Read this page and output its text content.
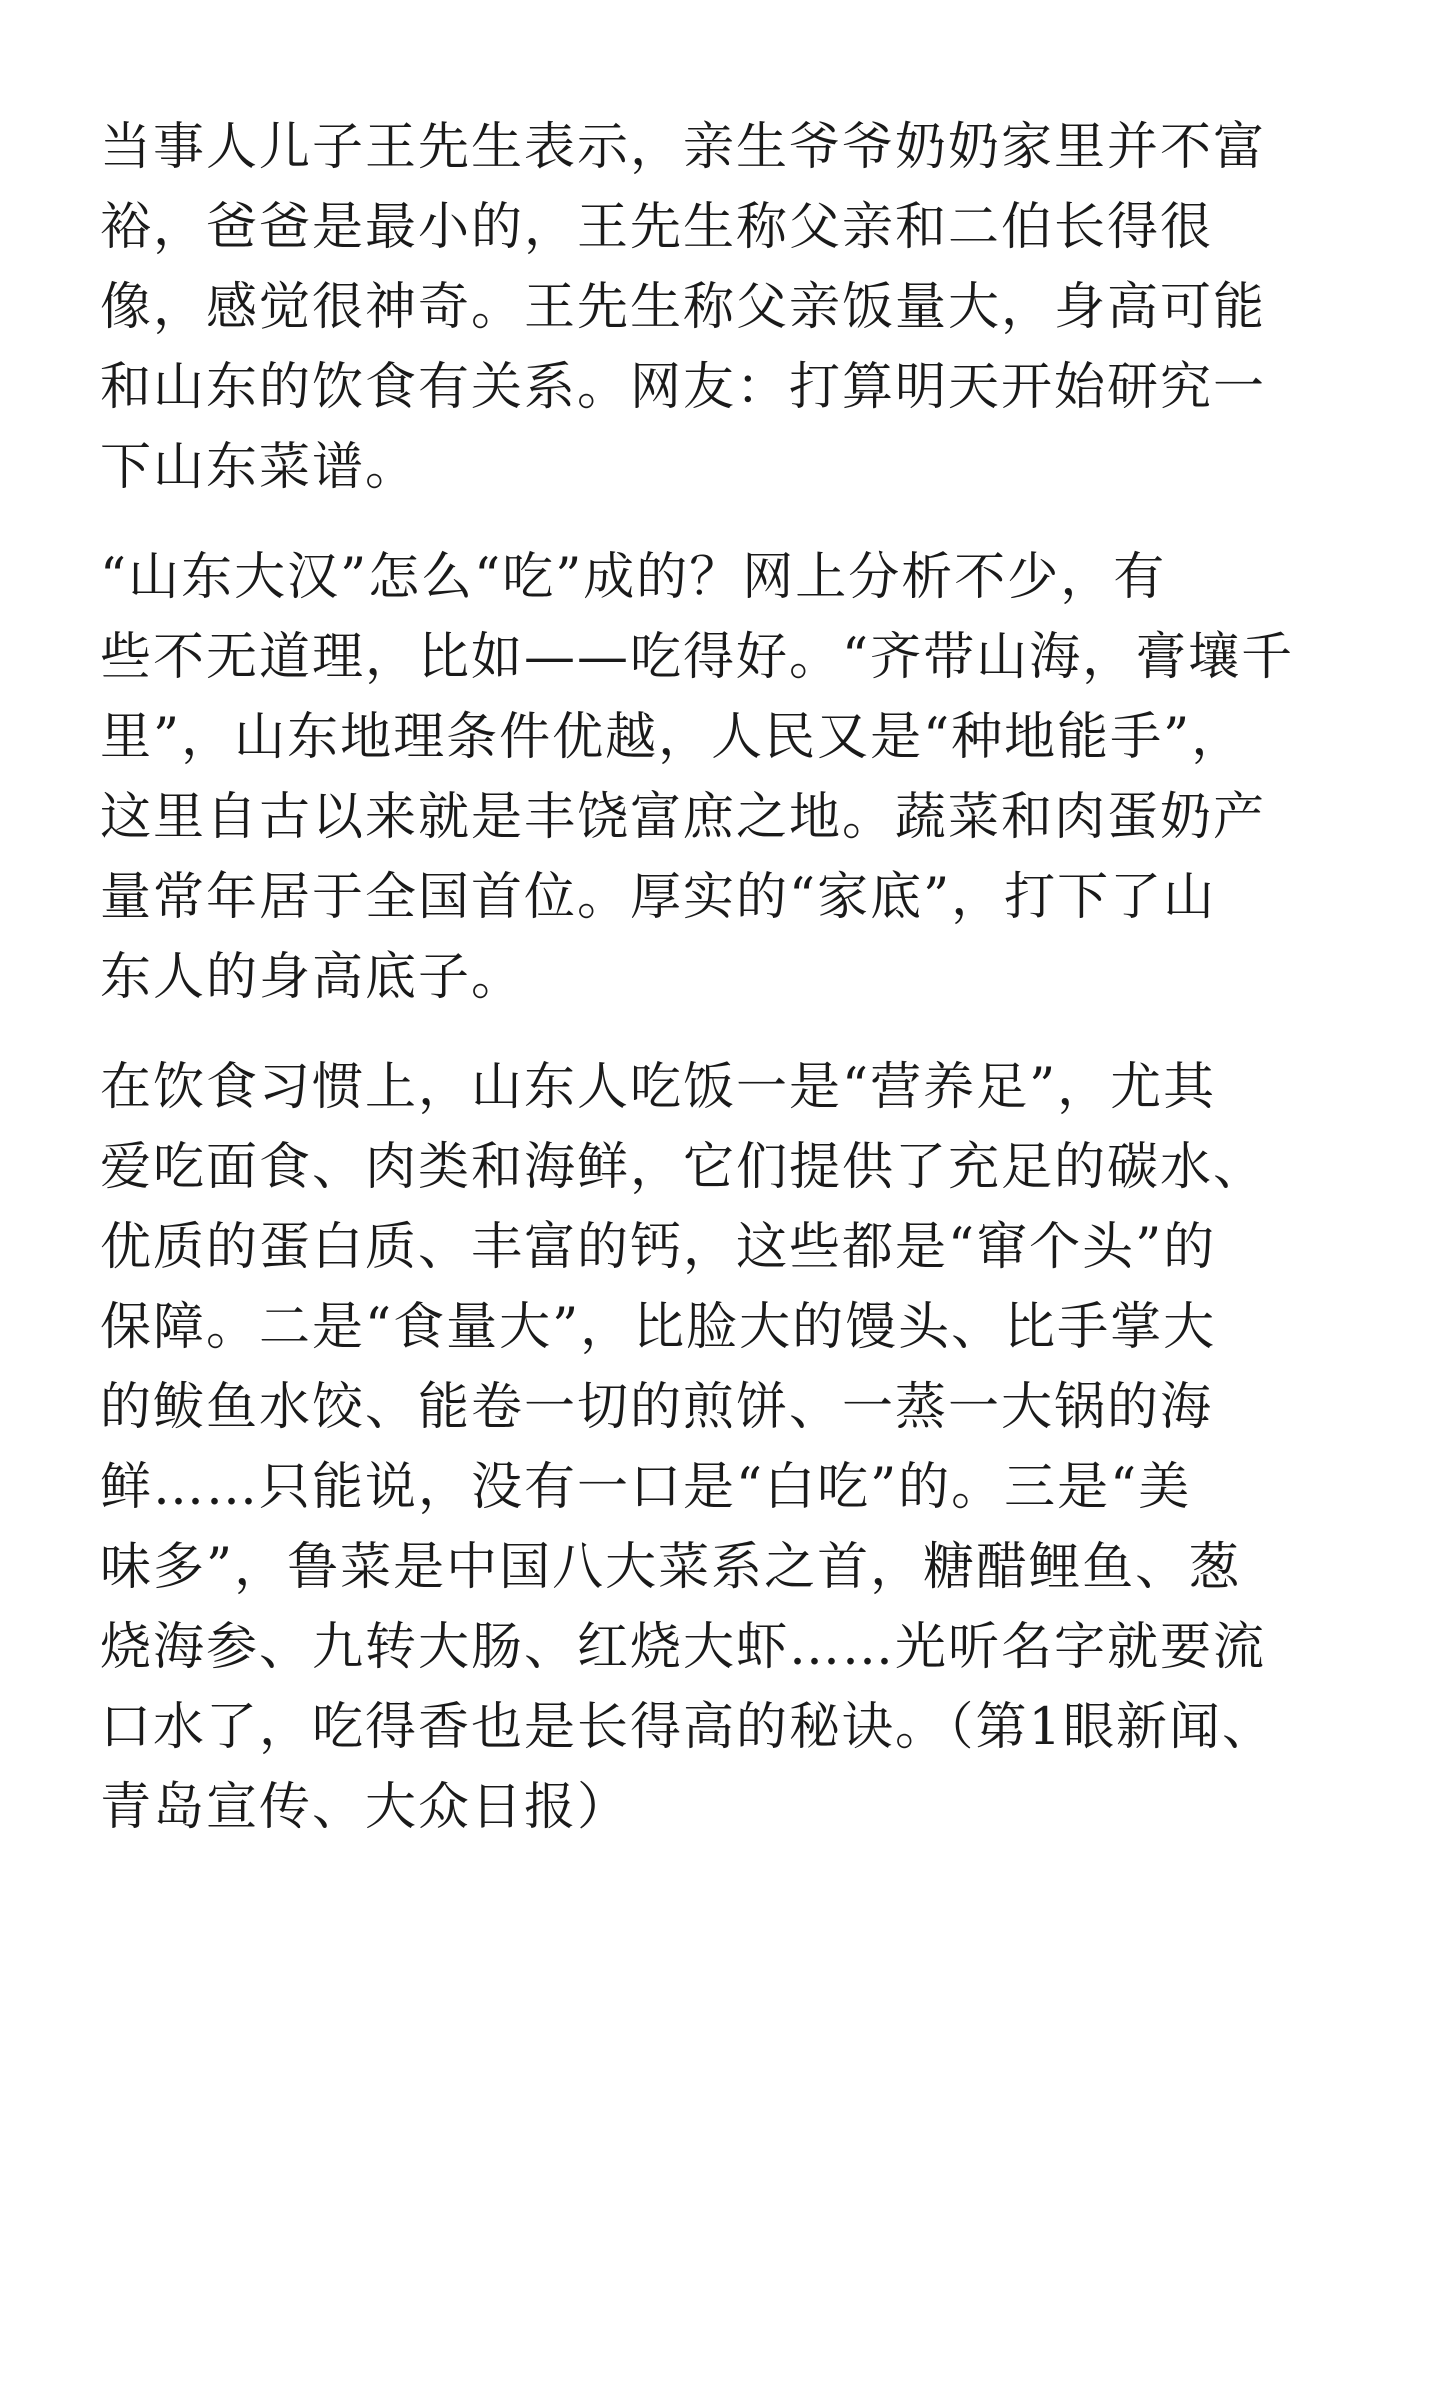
当事人儿子王先生表示，亲生爷爷奶奶家里并不富
裕，爸爸是最小的，王先生称父亲和二伯长得很
像，感觉很神奇。王先生称父亲饭量大，身高可能
和山东的饮食有关系。网友：打算明天开始研究一
下山东菜谱。

“山东大汉”怎么“吃”成的？网上分析不少，有
些不无道理，比如——吃得好。“齐带山海，膏壤千
里”，山东地理条件优越，人民又是“种地能手”，
这里自古以来就是丰饶富庶之地。蔬菜和肉蛋奶产
量常年居于全国首位。厚实的“家底”，打下了山
东人的身高底子。

在饮食习惯上，山东人吃饭一是“营养足”，尤其
爱吃面食、肉类和海鲜，它们提供了充足的碳水、
优质的蛋白质、丰富的钙，这些都是“窜个头”的
保障。二是“食量大”，比脸大的馒头、比手掌大
的鲅鱼水饺、能卷一切的煎饼、一蒸一大锅的海
鲜……只能说，没有一口是“白吃”的。三是“美
味多”，鲁菜是中国八大菜系之首，糖醋鲤鱼、葱
烧海参、九转大肠、红烧大虾……光听名字就要流
口水了，吃得香也是长得高的秘诀。（第1眼新闻、
青岛宣传、大众日报）
